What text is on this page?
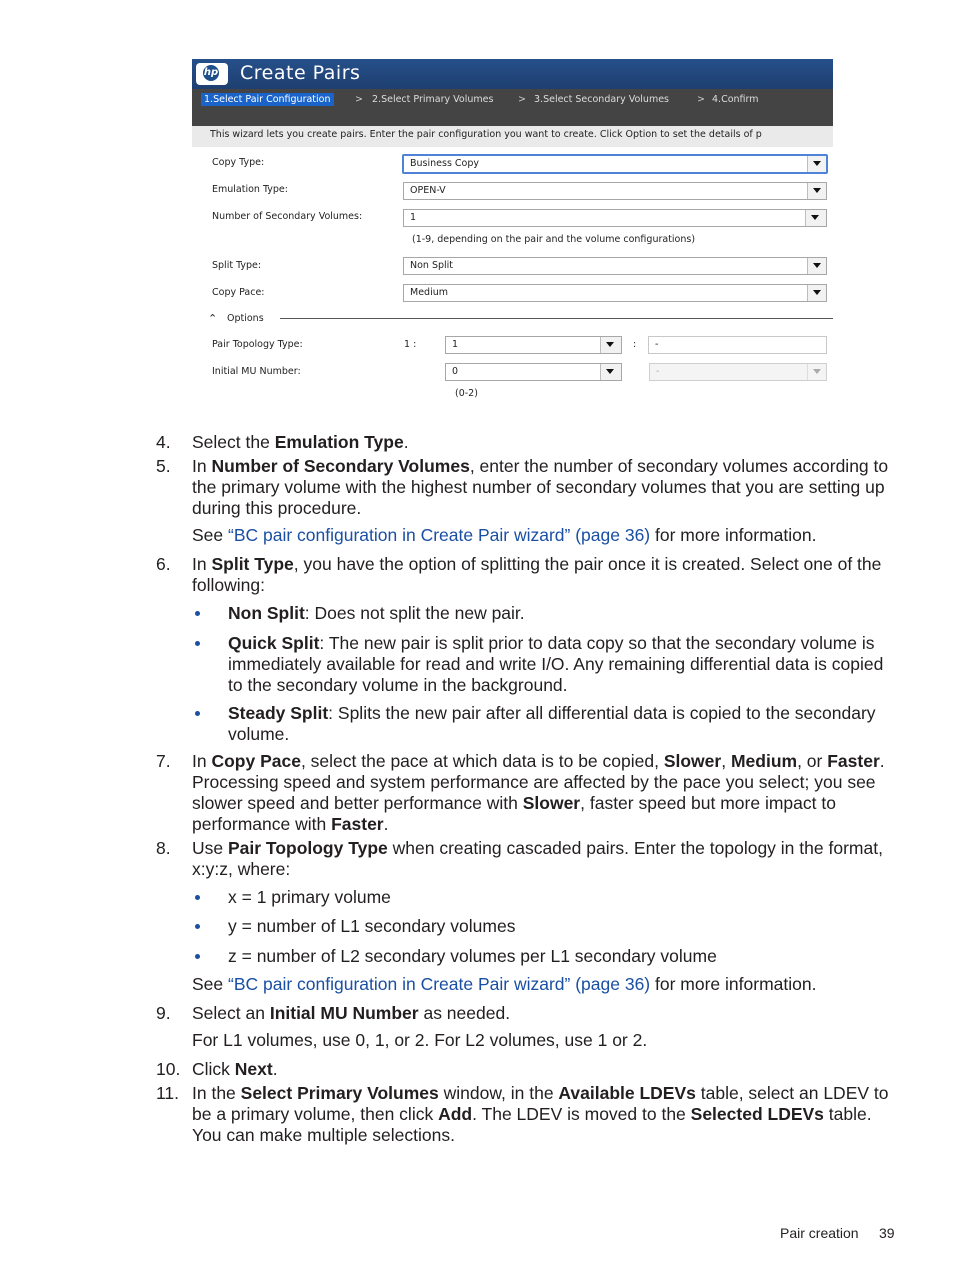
hp Create Pairs
1.Select Pair Configuration	> 2.Select Primary Volumes	> 3.Select Secondary Volumes	> 4.Confirm
This wizard lets you create pairs. Enter the pair configuration you want to create. Click Option to set the details of p
Copy Type:	Business Copy
Emulation Type:	OPEN-V
Number of Secondary Volumes:	1
(1-9, depending on the pair and the volume configurations)
Split Type:	Non Split
Copy Pace:	Medium
⌃ Options
Pair Topology Type:	1 :	1	: -
Initial MU Number:	0	-
(0-2)
4.	Select the Emulation Type.
5.	In Number of Secondary Volumes, enter the number of secondary volumes according to the primary volume with the highest number of secondary volumes that you are setting up during this procedure.
See “BC pair configuration in Create Pair wizard” (page 36) for more information.
6.	In Split Type, you have the option of splitting the pair once it is created. Select one of the following:
Non Split: Does not split the new pair.
Quick Split: The new pair is split prior to data copy so that the secondary volume is immediately available for read and write I/O. Any remaining differential data is copied to the secondary volume in the background.
Steady Split: Splits the new pair after all differential data is copied to the secondary volume.
7.	In Copy Pace, select the pace at which data is to be copied, Slower, Medium, or Faster. Processing speed and system performance are affected by the pace you select; you see slower speed and better performance with Slower, faster speed but more impact to performance with Faster.
8.	Use Pair Topology Type when creating cascaded pairs. Enter the topology in the format, x:y:z, where:
x = 1 primary volume
y = number of L1 secondary volumes
z = number of L2 secondary volumes per L1 secondary volume
See “BC pair configuration in Create Pair wizard” (page 36) for more information.
9.	Select an Initial MU Number as needed.
For L1 volumes, use 0, 1, or 2. For L2 volumes, use 1 or 2.
10. Click Next.
11. In the Select Primary Volumes window, in the Available LDEVs table, select an LDEV to be a primary volume, then click Add. The LDEV is moved to the Selected LDEVs table. You can make multiple selections.
Pair creation 39
